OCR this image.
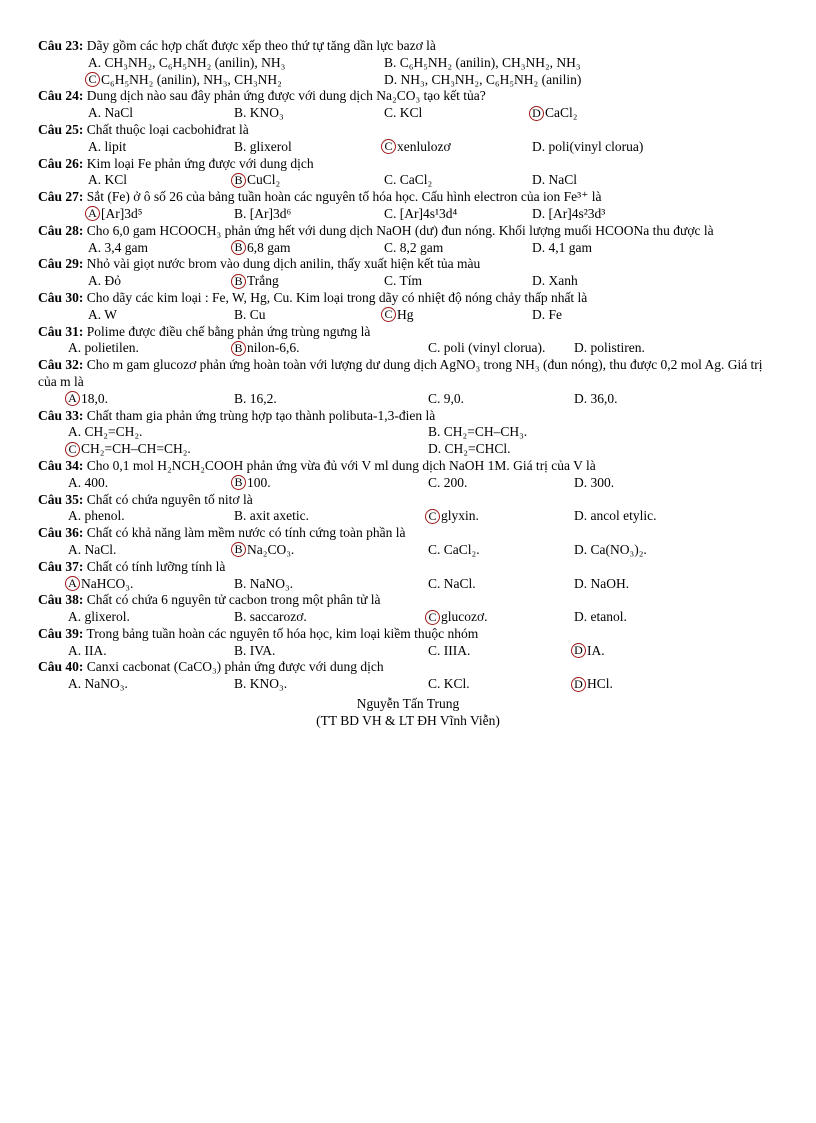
Câu 23: Dãy gồm các hợp chất được xếp theo thứ tự tăng dần lực bazơ là
A. CH₃NH₂, C₆H₅NH₂ (anilin), NH₃	B. C₆H₅NH₂ (anilin), CH₃NH₂, NH₃
C C₆H₅NH₂ (anilin), NH₃, CH₃NH₂	D. NH₃, CH₃NH₂, C₆H₅NH₂ (anilin)
Câu 24: Dung dịch nào sau đây phản ứng được với dung dịch Na₂CO₃ tạo kết tủa?
A. NaCl	B. KNO₃	C. KCl	D CaCl₂
Câu 25: Chất thuộc loại cacbohiđrat là
A. lipit	B. glixerol	C xenlulozơ	D. poli(vinyl clorua)
Câu 26: Kim loại Fe phản ứng được với dung dịch
A. KCl	B CuCl₂	C. CaCl₂	D. NaCl
Câu 27: Sắt (Fe) ở ô số 26 của bảng tuần hoàn các nguyên tố hóa học. Cấu hình electron của ion Fe³⁺ là
A [Ar]3d⁵	B. [Ar]3d⁶	C. [Ar]4s¹3d⁴	D. [Ar]4s²3d³
Câu 28: Cho 6,0 gam HCOOCH₃ phản ứng hết với dung dịch NaOH (dư) đun nóng. Khối lượng muối HCOONa thu được là
A. 3,4 gam	B 6,8 gam	C. 8,2 gam	D. 4,1 gam
Câu 29: Nhỏ vài giọt nước brom vào dung dịch anilin, thấy xuất hiện kết tủa màu
A. Đỏ	B Trắng	C. Tím	D. Xanh
Câu 30: Cho dãy các kim loại : Fe, W, Hg, Cu. Kim loại trong dãy có nhiệt độ nóng chảy thấp nhất là
A. W	B. Cu	C Hg	D. Fe
Câu 31: Polime được điều chế bằng phản ứng trùng ngưng là
A. polietilen.	B nilon-6,6.	C. poli (vinyl clorua). D. polistiren.
Câu 32: Cho m gam glucozơ phản ứng hoàn toàn với lượng dư dung dịch AgNO₃ trong NH₃ (đun nóng), thu được 0,2 mol Ag. Giá trị của m là
A 18,0.	B. 16,2.	C. 9,0.	D. 36,0.
Câu 33: Chất tham gia phản ứng trùng hợp tạo thành polibuta-1,3-đien là
A. CH₂=CH₂.	B. CH₂=CH–CH₃.
C CH₂=CH–CH=CH₂.	D. CH₂=CHCl.
Câu 34: Cho 0,1 mol H₂NCH₂COOH phản ứng vừa đủ với V ml dung dịch NaOH 1M. Giá trị của V là
A. 400.	B 100.	C. 200.	D. 300.
Câu 35: Chất có chứa nguyên tố nitơ là
A. phenol.	B. axit axetic.	C glyxin.	D. ancol etylic.
Câu 36: Chất có khả năng làm mềm nước có tính cứng toàn phần là
A. NaCl.	B Na₂CO₃.	C. CaCl₂.	D. Ca(NO₃)₂.
Câu 37: Chất có tính lưỡng tính là
A NaHCO₃.	B. NaNO₃.	C. NaCl.	D. NaOH.
Câu 38: Chất có chứa 6 nguyên tử cacbon trong một phân tử là
A. glixerol.	B. saccarozơ.	C glucozơ.	D. etanol.
Câu 39: Trong bảng tuần hoàn các nguyên tố hóa học, kim loại kiềm thuộc nhóm
A. IIA.	B. IVA.	C. IIIA.	D IA.
Câu 40: Canxi cacbonat (CaCO₃) phản ứng được với dung dịch
A. NaNO₃.	B. KNO₃.	C. KCl.	D HCl.
Nguyễn Tấn Trung
(TT BD VH & LT ĐH Vĩnh Viễn)
